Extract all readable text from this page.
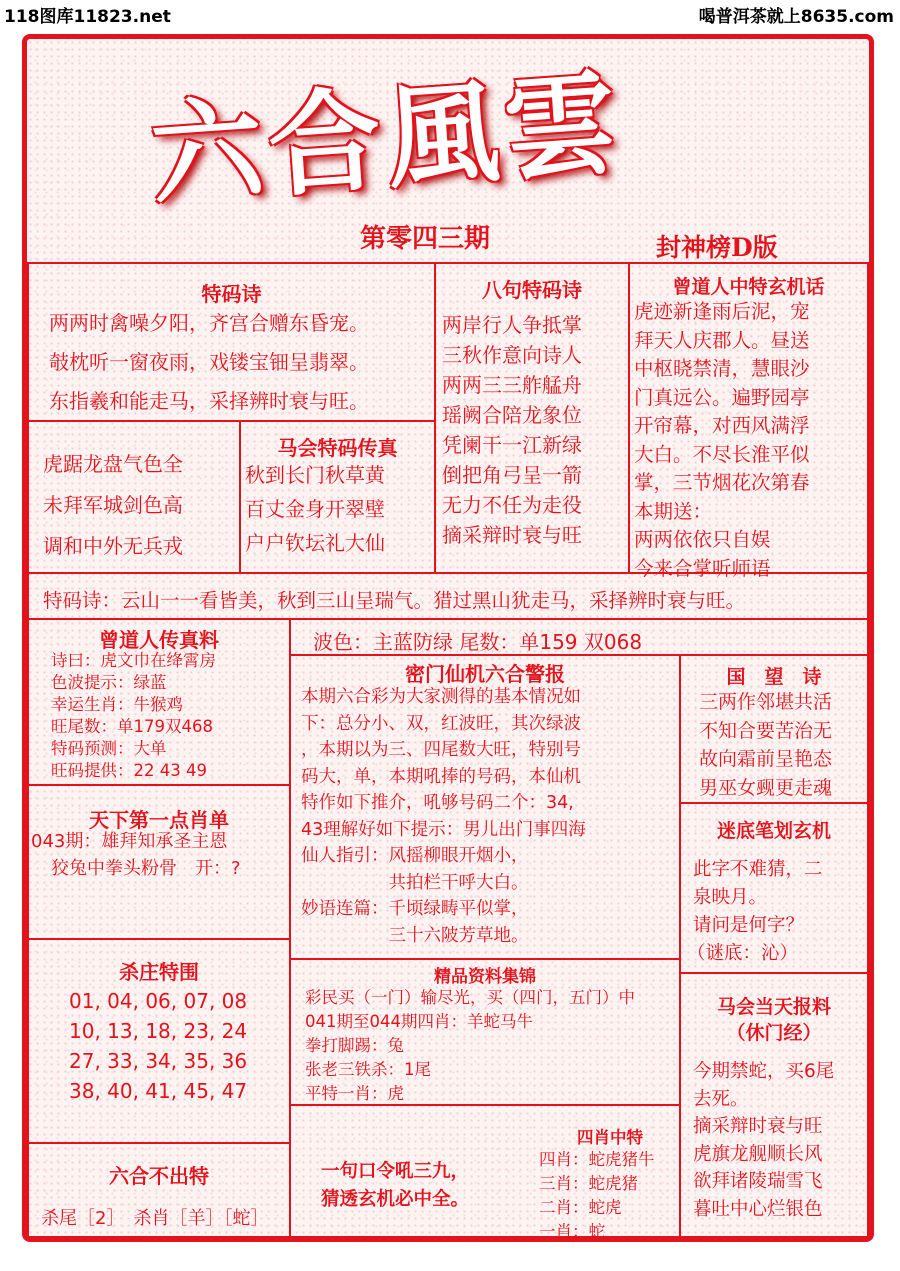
118图库11823.net	喝普洱茶就上8635.com
六合風雲
第零四三期	封神榜D版
特码诗
两两时禽噪夕阳，齐宫合赠东昏宠。
攲枕听一窗夜雨，戏镂宝钿呈翡翠。
东指羲和能走马，采择辨时衰与旺。
八句特码诗
两岸行人争抵掌
三秋作意向诗人
两两三三舴艋舟
瑶阙合陪龙象位
凭阑干一江新绿
倒把角弓呈一箭
无力不任为走役
摘采辩时衰与旺
曾道人中特玄机话
虎迹新逢雨后泥，宠
拜天人庆郡人。昼送
中枢晓禁清，慧眼沙
门真远公。遍野园亭
开帘幕，对西风满浮
大白。不尽长淮平似
掌，三节烟花次第春
本期送：
两两依依只自娱
今来合掌听师语
虎踞龙盘气色全
未拜军城剑色高
调和中外无兵戎
马会特码传真
秋到长门秋草黄
百丈金身开翠壁
户户钦坛礼大仙
特码诗：云山一一看皆美，秋到三山呈瑞气。猎过黑山犹走马，采择辨时衰与旺。
曾道人传真料
诗曰：虎文巾在绛霄房
色波提示：绿蓝
幸运生肖：牛猴鸡
旺尾数：单179双468
特码预测：大单
旺码提供：22 43 49
天下第一点肖单
043期：雄拜知承圣主恩
狡兔中拳头粉骨　开：?
杀庄特围
01, 04, 06, 07, 08
10, 13, 18, 23, 24
27, 33, 34, 35, 36
38, 40, 41, 45, 47
六合不出特
杀尾［2］　杀肖［羊］［蛇］
波色：主蓝防绿 尾数：单159 双068
密门仙机六合警报
本期六合彩为大家测得的基本情况如
下：总分小、双，红波旺，其次绿波
，本期以为三、四尾数大旺，特别号
码大，单，本期吼捧的号码，本仙机
特作如下推介，吼够号码二个：34,
43理解好如下提示：男儿出门事四海
仙人指引：风摇柳眼开烟小，
　　　　　共拍栏干呼大白。
妙语连篇：千顷绿畴平似掌，
　　　　　三十六陂芳草地。
精品资料集锦
彩民买（一门）输尽光，买（四门，五门）中
041期至044期四肖：羊蛇马牛
拳打脚踢：兔
张老三铁杀：1尾
平特一肖：虎
一句口令吼三九，
猜透玄机必中全。
四肖中特
四肖：蛇虎猪牛
三肖：蛇虎猪
二肖：蛇虎
一肖：蛇
国　望　诗
三两作邻堪共活
不知合要苦治无
故向霜前呈艳态
男巫女觋更走魂
迷底笔划玄机
此字不难猜，二
泉映月。
请问是何字？
（谜底：沁）
马会当天报料
（休门经）
今期禁蛇，买6尾
去死。
摘采辩时衰与旺
虎旗龙舰顺长风
欲拜诸陵瑞雪飞
暮吐中心烂银色
